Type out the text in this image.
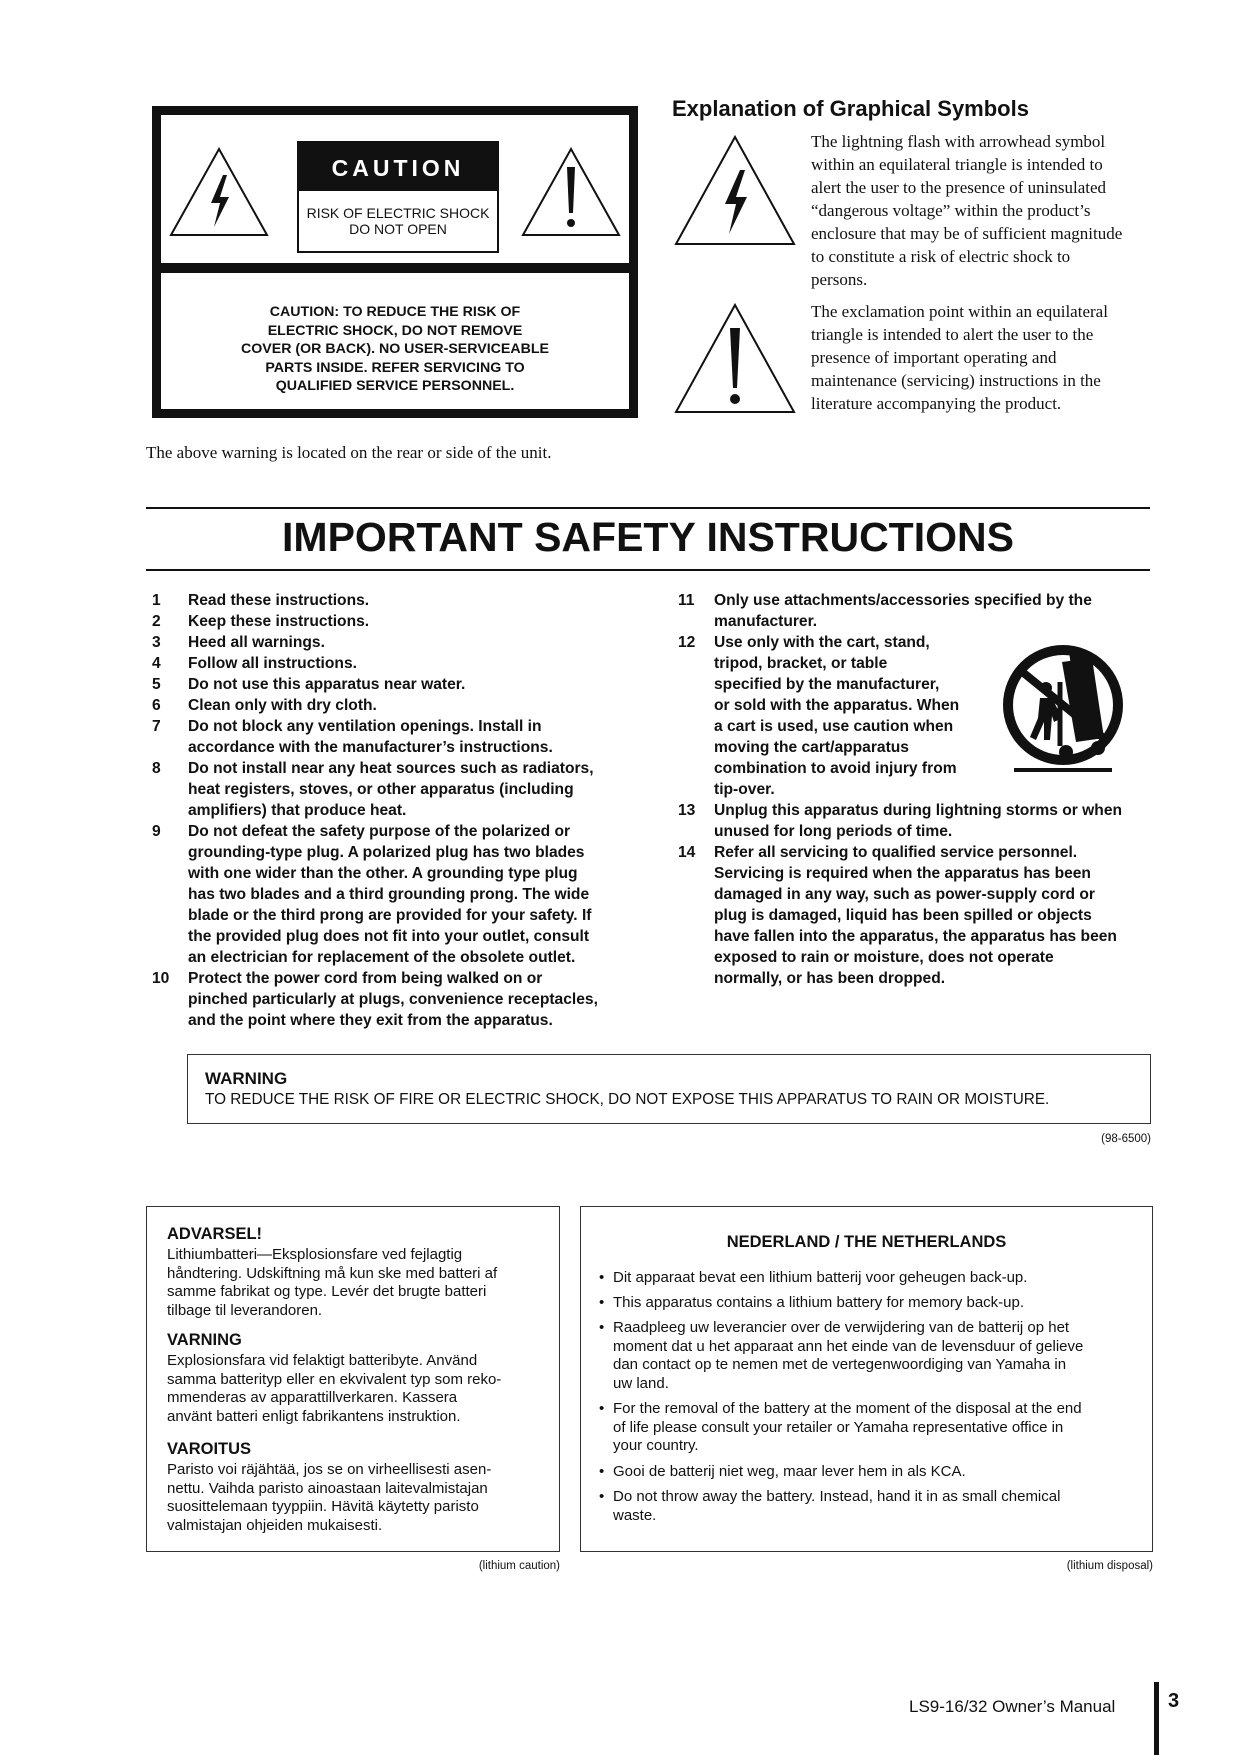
CAUTION
RISK OF ELECTRIC SHOCK
DO NOT OPEN
CAUTION: TO REDUCE THE RISK OF
ELECTRIC SHOCK, DO NOT REMOVE
COVER (OR BACK). NO USER-SERVICEABLE
PARTS INSIDE. REFER SERVICING TO
QUALIFIED SERVICE PERSONNEL.
The above warning is located on the rear or side of the unit.
Explanation of Graphical Symbols
The lightning flash with arrowhead symbol
within an equilateral triangle is intended to
alert the user to the presence of uninsulated
“dangerous voltage” within the product’s
enclosure that may be of sufficient magnitude
to constitute a risk of electric shock to
persons.
The exclamation point within an equilateral
triangle is intended to alert the user to the
presence of important operating and
maintenance (servicing) instructions in the
literature accompanying the product.
IMPORTANT SAFETY INSTRUCTIONS
1 Read these instructions.
2 Keep these instructions.
3 Heed all warnings.
4 Follow all instructions.
5 Do not use this apparatus near water.
6 Clean only with dry cloth.
7 Do not block any ventilation openings. Install in
accordance with the manufacturer’s instructions.
8 Do not install near any heat sources such as radiators,
heat registers, stoves, or other apparatus (including
amplifiers) that produce heat.
9 Do not defeat the safety purpose of the polarized or
grounding-type plug. A polarized plug has two blades
with one wider than the other. A grounding type plug
has two blades and a third grounding prong. The wide
blade or the third prong are provided for your safety. If
the provided plug does not fit into your outlet, consult
an electrician for replacement of the obsolete outlet.
10 Protect the power cord from being walked on or
pinched particularly at plugs, convenience receptacles,
and the point where they exit from the apparatus.
11 Only use attachments/accessories specified by the
manufacturer.
12 Use only with the cart, stand,
tripod, bracket, or table
specified by the manufacturer,
or sold with the apparatus. When
a cart is used, use caution when
moving the cart/apparatus
combination to avoid injury from
tip-over.
13 Unplug this apparatus during lightning storms or when
unused for long periods of time.
14 Refer all servicing to qualified service personnel.
Servicing is required when the apparatus has been
damaged in any way, such as power-supply cord or
plug is damaged, liquid has been spilled or objects
have fallen into the apparatus, the apparatus has been
exposed to rain or moisture, does not operate
normally, or has been dropped.
WARNING
TO REDUCE THE RISK OF FIRE OR ELECTRIC SHOCK, DO NOT EXPOSE THIS APPARATUS TO RAIN OR MOISTURE.
(98-6500)
ADVARSEL!
Lithiumbatteri—Eksplosionsfare ved fejlagtig
håndtering. Udskiftning må kun ske med batteri af
samme fabrikat og type. Levér det brugte batteri
tilbage til leverandoren.
VARNING
Explosionsfara vid felaktigt batteribyte. Använd
samma batterityp eller en ekvivalent typ som reko-
mmenderas av apparattillverkaren. Kassera
använt batteri enligt fabrikantens instruktion.
VAROITUS
Paristo voi räjähtää, jos se on virheellisesti asen-
nettu. Vaihda paristo ainoastaan laitevalmistajan
suosittelemaan tyyppiin. Hävitä käytetty paristo
valmistajan ohjeiden mukaisesti.
(lithium caution)
NEDERLAND / THE NETHERLANDS
• Dit apparaat bevat een lithium batterij voor geheugen back-up.
• This apparatus contains a lithium battery for memory back-up.
• Raadpleeg uw leverancier over de verwijdering van de batterij op het
moment dat u het apparaat ann het einde van de levensduur of gelieve
dan contact op te nemen met de vertegenwoordiging van Yamaha in
uw land.
• For the removal of the battery at the moment of the disposal at the end
of life please consult your retailer or Yamaha representative office in
your country.
• Gooi de batterij niet weg, maar lever hem in als KCA.
• Do not throw away the battery. Instead, hand it in as small chemical
waste.
(lithium disposal)
LS9-16/32 Owner’s Manual	3
